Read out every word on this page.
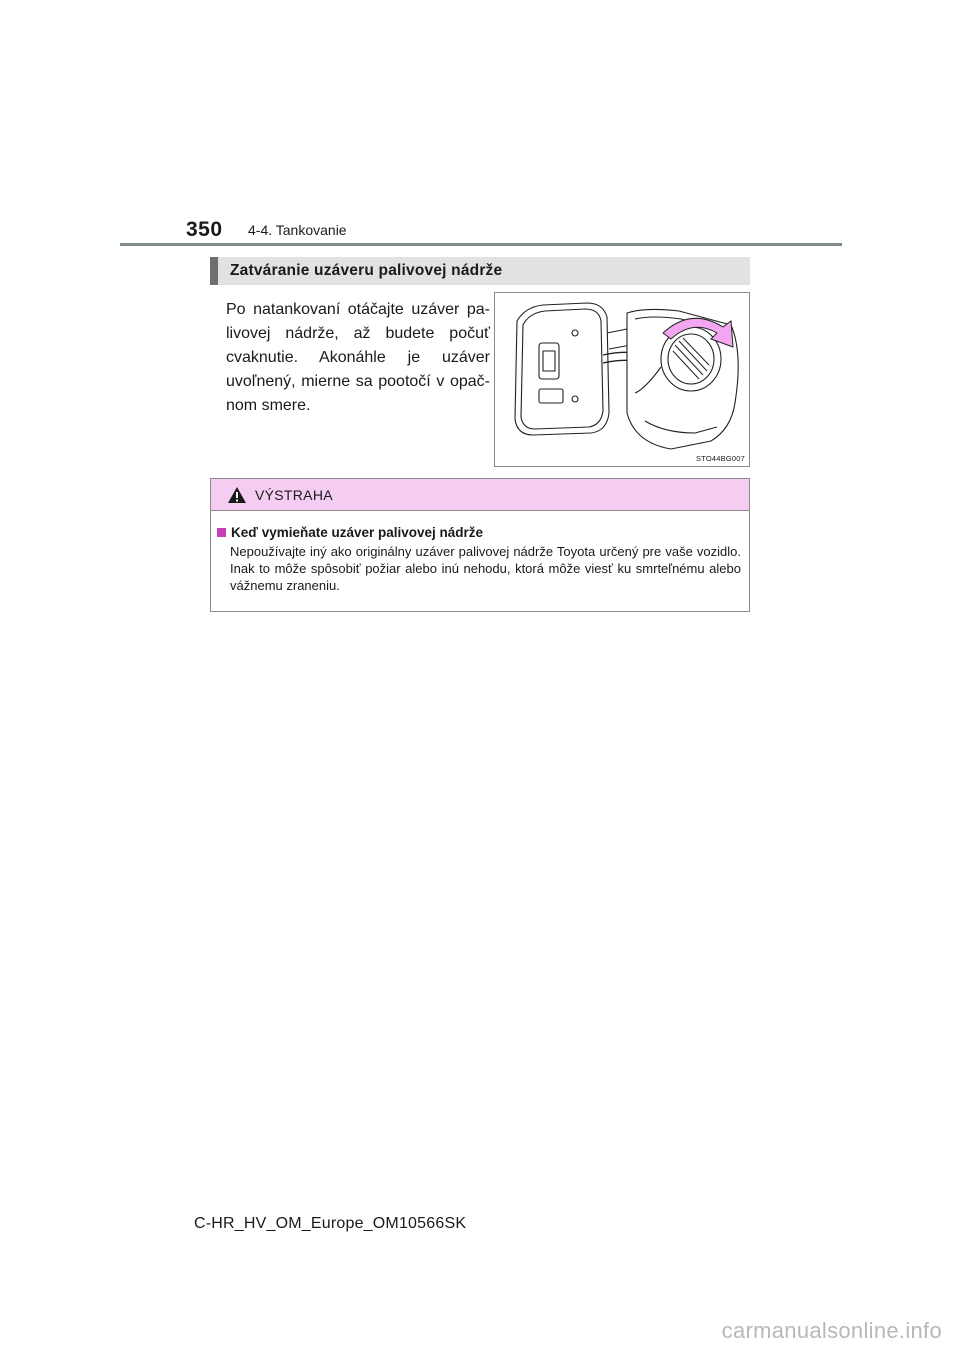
350 4-4. Tankovanie
Zatváranie uzáveru palivovej nádrže
Po natankovaní otáčajte uzáver pa-
livovej nádrže, až budete počuť
cvaknutie. Akonáhle je uzáver
uvoľnený, mierne sa pootočí v opač-
nom smere.
STO44BG007
VÝSTRAHA
Keď vymieňate uzáver palivovej nádrže
Nepoužívajte iný ako originálny uzáver palivovej nádrže Toyota určený pre vaše vozidlo. Inak to môže spôsobiť požiar alebo inú nehodu, ktorá môže viesť ku smrteľnému alebo vážnemu zraneniu.
C-HR_HV_OM_Europe_OM10566SK
carmanualsonline.info
